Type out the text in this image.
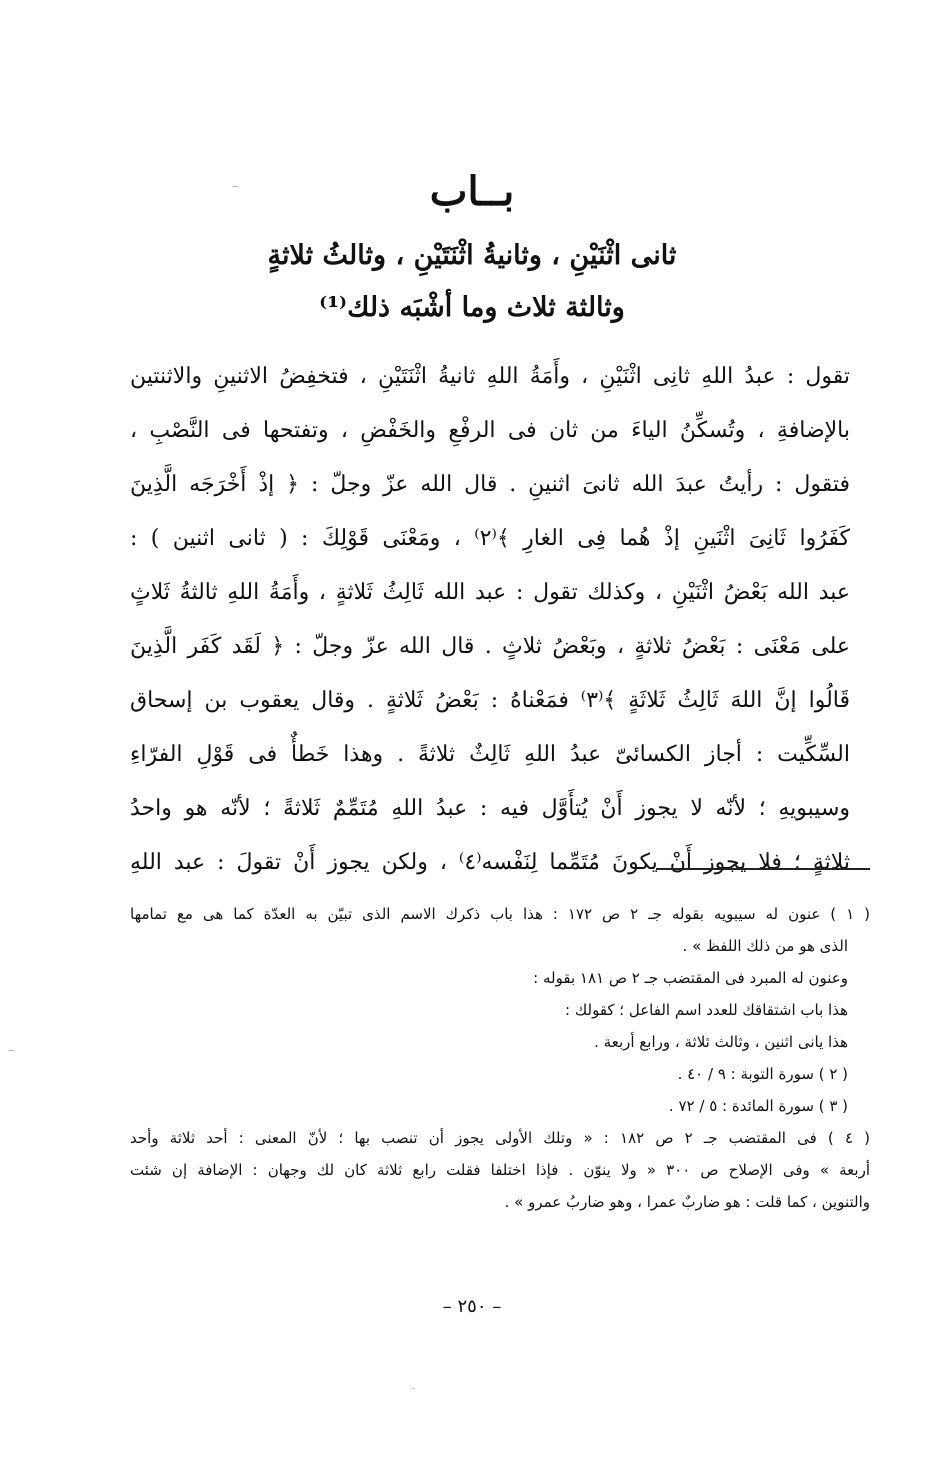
بــاب
ثانى اثْنَيْنِ ، وثانيةُ اثْنَتَيْنِ ، وثالثُ ثلاثةٍ
وثالثة ثلاث وما أشْبَه ذلك⁽¹⁾
تقول : عبدُ اللهِ ثانِى اثْنَيْنِ ، وأَمَةُ اللهِ ثانيةُ اثْنَتَيْنِ ، فتخفِضُ الاثنينِ والاثنتين
بالإضافةِ ، وتُسكِّنُ الياءَ من ثان فى الرفْعِ والخَفْضِ ، وتفتحها فى النَّصْبِ ،
فتقول : رأيتُ عبدَ الله ثانىَ اثنينِ . قال الله عزّ وجلّ : ﴿ إذْ أَخْرَجَه الَّذِينَ
كَفَرُوا ثَانِىَ اثْنَينِ إذْ هُما فِى الغارِ ﴾⁽٢⁾ ، ومَعْنَى قَوْلِكَ : ( ثانى اثنين ) :
عبد الله بَعْضُ اثْنَيْنِ ، وكذلك تقول : عبد الله ثَالِثُ ثَلاثةٍ ، وأَمَةُ اللهِ ثالثةُ ثَلاثٍ
على مَعْنَى : بَعْضُ ثلاثةٍ ، وبَعْضُ ثلاثٍ . قال الله عزّ وجلّ : ﴿ لَقَد كَفَر الَّذِينَ
قَالُوا إنَّ اللهَ ثَالِثُ ثَلاثَةٍ ﴾⁽٣⁾ فمَعْناهُ : بَعْضُ ثَلاثةٍ . وقال يعقوب بن إسحاق
السِّكِّيت : أجاز الكسائىّ عبدُ اللهِ ثَالِثٌ ثلاثةً . وهذا خَطأٌ فى قَوْلِ الفرّاءِ
وسيبويهِ ؛ لأنّه لا يجوز أَنْ يُتأَوَّل فيه : عبدُ اللهِ مُتَمِّمٌ ثَلاثةً ؛ لأنّه هو واحدُ
ثلاثةٍ ؛ فلا يجوز أَنْ يكونَ مُتَمِّما لِنَفْسه⁽٤⁾ ، ولكن يجوز أَنْ تقولَ : عبد اللهِ
( ١ ) عنون له سيبويه بقوله جـ ٢ ص ١٧٢ : هذا باب ذكرك الاسم الذى تبيّن به العدّة كما هى مع تمامها
الذى هو من ذلك اللفظ » .
وعنون له المبرد فى المقتضب جـ ٢ ص ١٨١ بقوله :
هذا باب اشتقاقك للعدد اسم الفاعل ؛ كقولك :
هذا يانى اثنين ، وثالث ثلاثة ، ورابع أربعة .
( ٢ ) سورة التوبة : ٩ / ٤٠ .
( ٣ ) سورة المائدة : ٥ / ٧٢ .
( ٤ ) فى المقتضب جـ ٢ ص ١٨٢ : « وتلك الأولى يجوز أن تنصب بها ؛ لأنّ المعنى : أحد ثلاثة وأحد
أربعة » وفى الإصلاح ص ٣٠٠ « ولا ينوّن . فإذا اختلفا فقلت رابع ثلاثة كان لك وجهان : الإضافة إن شئت
والتنوين ، كما قلت : هو ضاربٌ عمرا ، وهو ضاربُ عمرو » .
– ٢٥٠ –
